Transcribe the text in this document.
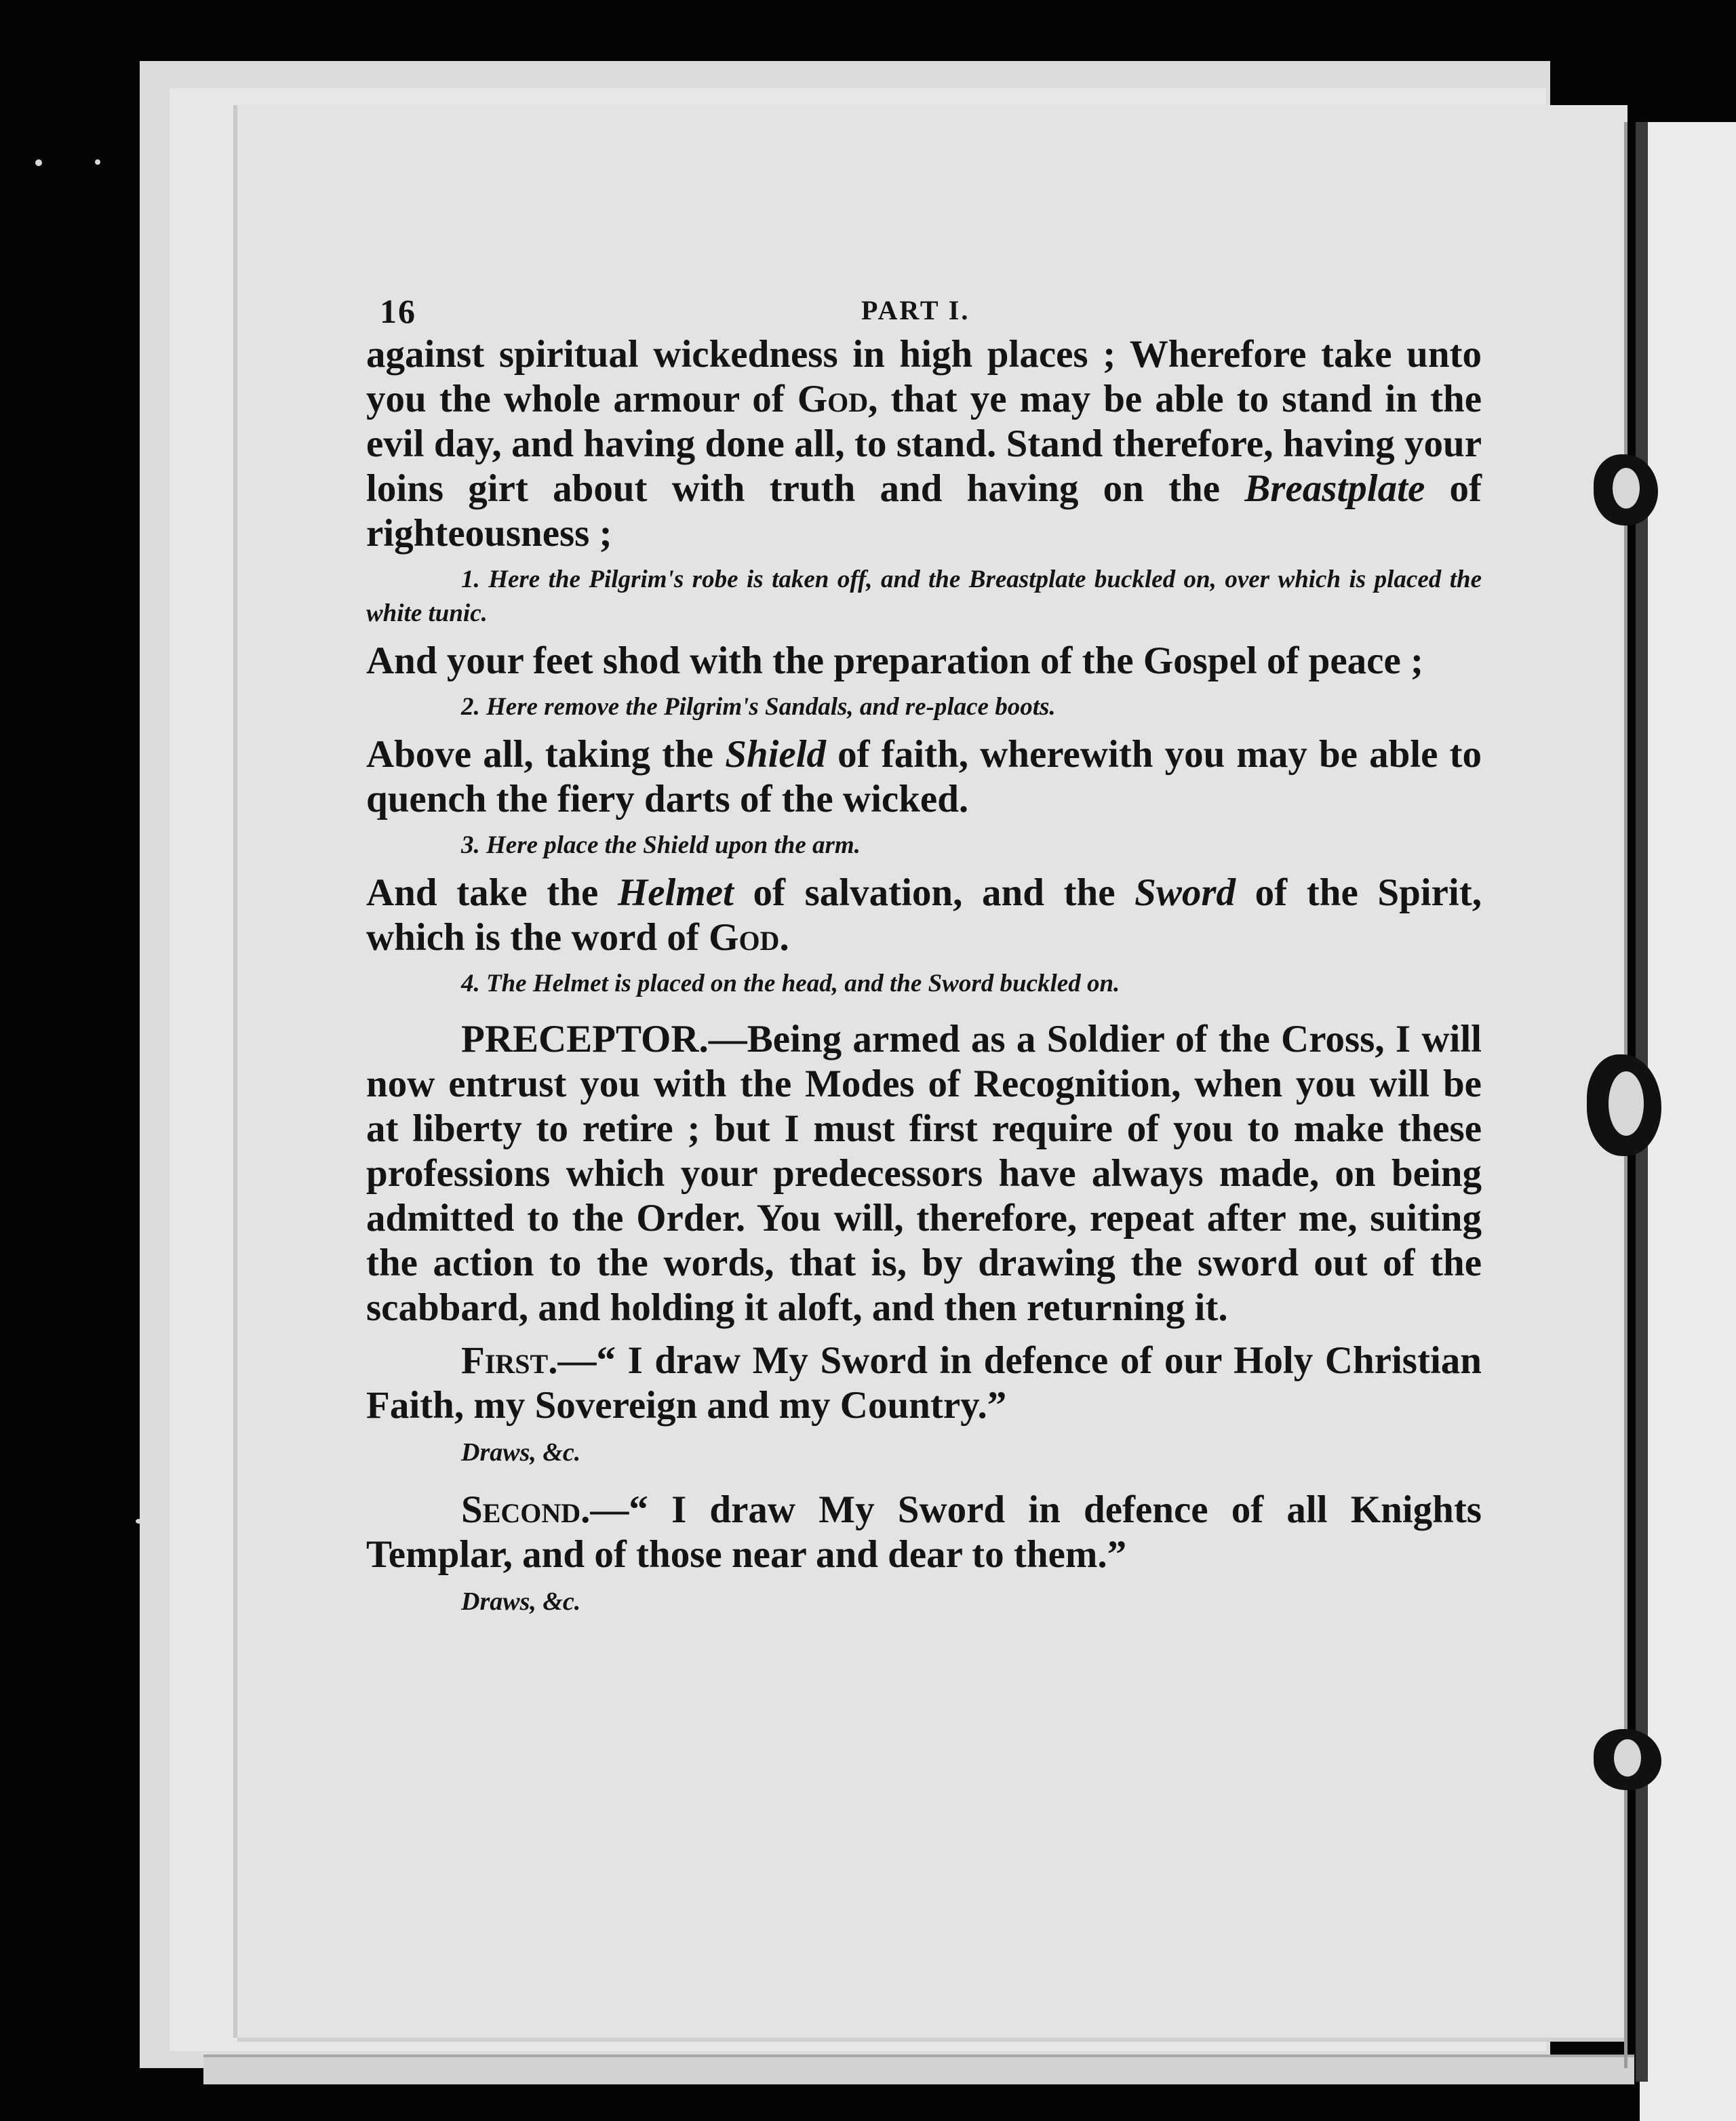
16	PART I.

against spiritual wickedness in high places ; Wherefore take unto you the whole armour of God, that ye may be able to stand in the evil day, and having done all, to stand. Stand therefore, having your loins girt about with truth and having on the Breastplate of righteousness ;

1. Here the Pilgrim's robe is taken off, and the Breastplate buckled on, over which is placed the white tunic.

And your feet shod with the preparation of the Gospel of peace ;

2. Here remove the Pilgrim's Sandals, and re-place boots.

Above all, taking the Shield of faith, wherewith you may be able to quench the fiery darts of the wicked.

3. Here place the Shield upon the arm.

And take the Helmet of salvation, and the Sword of the Spirit, which is the word of God.

4. The Helmet is placed on the head, and the Sword buckled on.

PRECEPTOR.—Being armed as a Soldier of the Cross, I will now entrust you with the Modes of Recognition, when you will be at liberty to retire ; but I must first require of you to make these professions which your predecessors have always made, on being admitted to the Order. You will, therefore, repeat after me, suiting the action to the words, that is, by drawing the sword out of the scabbard, and holding it aloft, and then returning it.

First.—“ I draw My Sword in defence of our Holy Christian Faith, my Sovereign and my Country.”

Draws, &c.

Second.—“ I draw My Sword in defence of all Knights Templar, and of those near and dear to them.”

Draws, &c.
